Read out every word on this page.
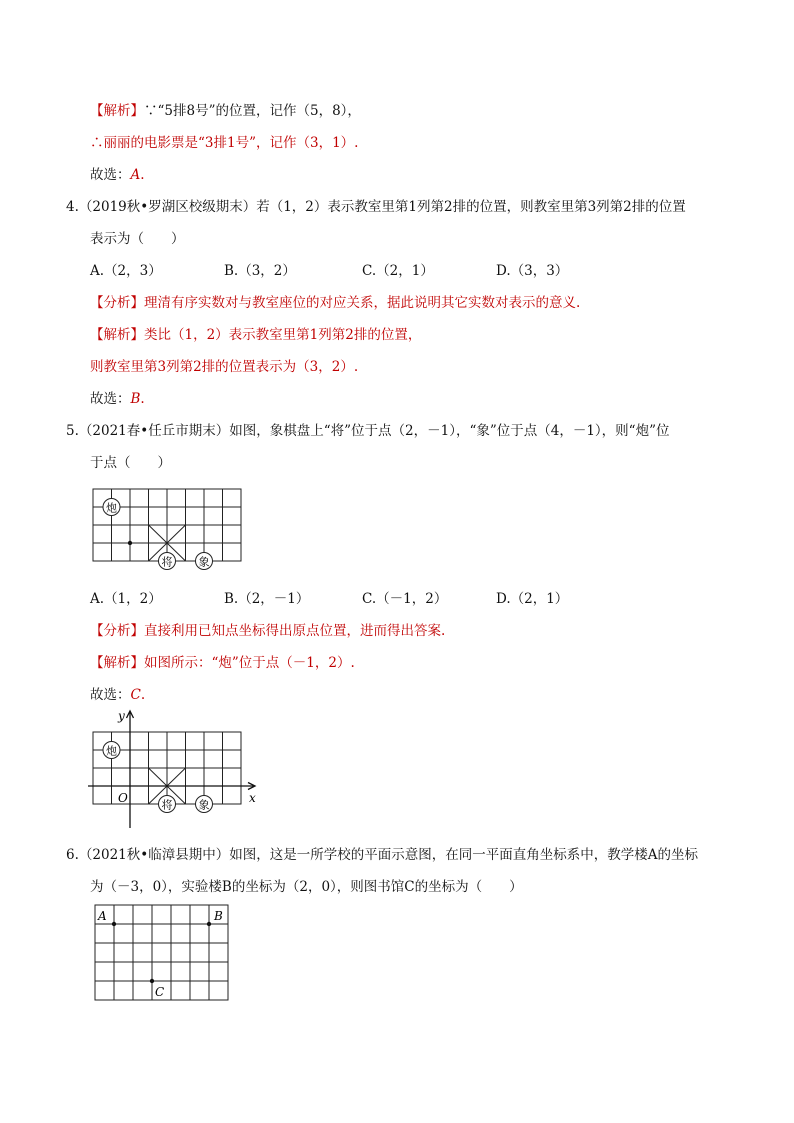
【解析】∵“5排8号”的位置，记作（5，8），
∴丽丽的电影票是“3排1号”，记作（3，1）.
故选：A.
4.（2019秋•罗湖区校级期末）若（1，2）表示教室里第1列第2排的位置，则教室里第3列第2排的位置
表示为（　　）
A.（2，3）	B.（3，2）	C.（2，1）	D.（3，3）
【分析】理清有序实数对与教室座位的对应关系，据此说明其它实数对表示的意义.
【解析】类比（1，2）表示教室里第1列第2排的位置，
则教室里第3列第2排的位置表示为（3，2）.
故选：B.
5.（2021春•任丘市期末）如图，象棋盘上“将”位于点（2，－1），“象”位于点（4，－1），则“炮”位
于点（　　）
炮
将 象
A.（1，2）	B.（2，－1）	C.（－1，2）	D.（2，1）
【分析】直接利用已知点坐标得出原点位置，进而得出答案.
【解析】如图所示：“炮”位于点（－1，2）.
故选：C.
y
x
O
炮
将 象
6.（2021秋•临漳县期中）如图，这是一所学校的平面示意图，在同一平面直角坐标系中，教学楼A的坐标
为（－3，0），实验楼B的坐标为（2，0），则图书馆C的坐标为（　　）
A	B
C
